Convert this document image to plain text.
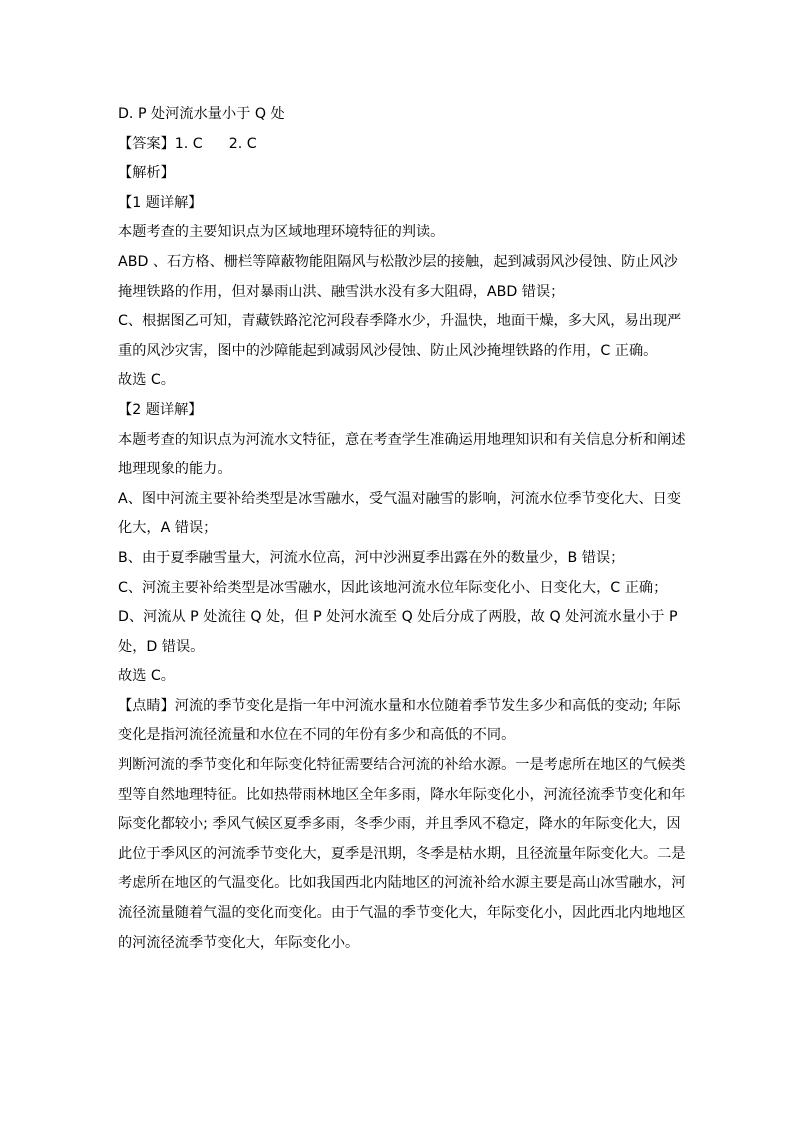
D. P 处河流水量小于 Q 处
【答案】1. C 2. C
【解析】
【1 题详解】
本题考查的主要知识点为区域地理环境特征的判读。
ABD 、石方格、栅栏等障蔽物能阻隔风与松散沙层的接触，起到减弱风沙侵蚀、防止风沙
掩埋铁路的作用，但对暴雨山洪、融雪洪水没有多大阻碍，ABD 错误；
C、根据图乙可知，青藏铁路沱沱河段春季降水少，升温快，地面干燥，多大风，易出现严
重的风沙灾害，图中的沙障能起到减弱风沙侵蚀、防止风沙掩埋铁路的作用，C 正确。
故选 C。
【2 题详解】
本题考查的知识点为河流水文特征，意在考查学生准确运用地理知识和有关信息分析和阐述
地理现象的能力。
A、图中河流主要补给类型是冰雪融水，受气温对融雪的影响，河流水位季节变化大、日变
化大，A 错误；
B、由于夏季融雪量大，河流水位高，河中沙洲夏季出露在外的数量少，B 错误；
C、河流主要补给类型是冰雪融水，因此该地河流水位年际变化小、日变化大，C 正确；
D、河流从 P 处流往 Q 处，但 P 处河水流至 Q 处后分成了两股，故 Q 处河流水量小于 P
处，D 错误。
故选 C。
【点睛】河流的季节变化是指一年中河流水量和水位随着季节发生多少和高低的变动; 年际
变化是指河流径流量和水位在不同的年份有多少和高低的不同。
判断河流的季节变化和年际变化特征需要结合河流的补给水源。一是考虑所在地区的气候类
型等自然地理特征。比如热带雨林地区全年多雨，降水年际变化小，河流径流季节变化和年
际变化都较小; 季风气候区夏季多雨，冬季少雨，并且季风不稳定，降水的年际变化大，因
此位于季风区的河流季节变化大，夏季是汛期，冬季是枯水期，且径流量年际变化大。二是
考虑所在地区的气温变化。比如我国西北内陆地区的河流补给水源主要是高山冰雪融水，河
流径流量随着气温的变化而变化。由于气温的季节变化大，年际变化小，因此西北内地地区
的河流径流季节变化大，年际变化小。
